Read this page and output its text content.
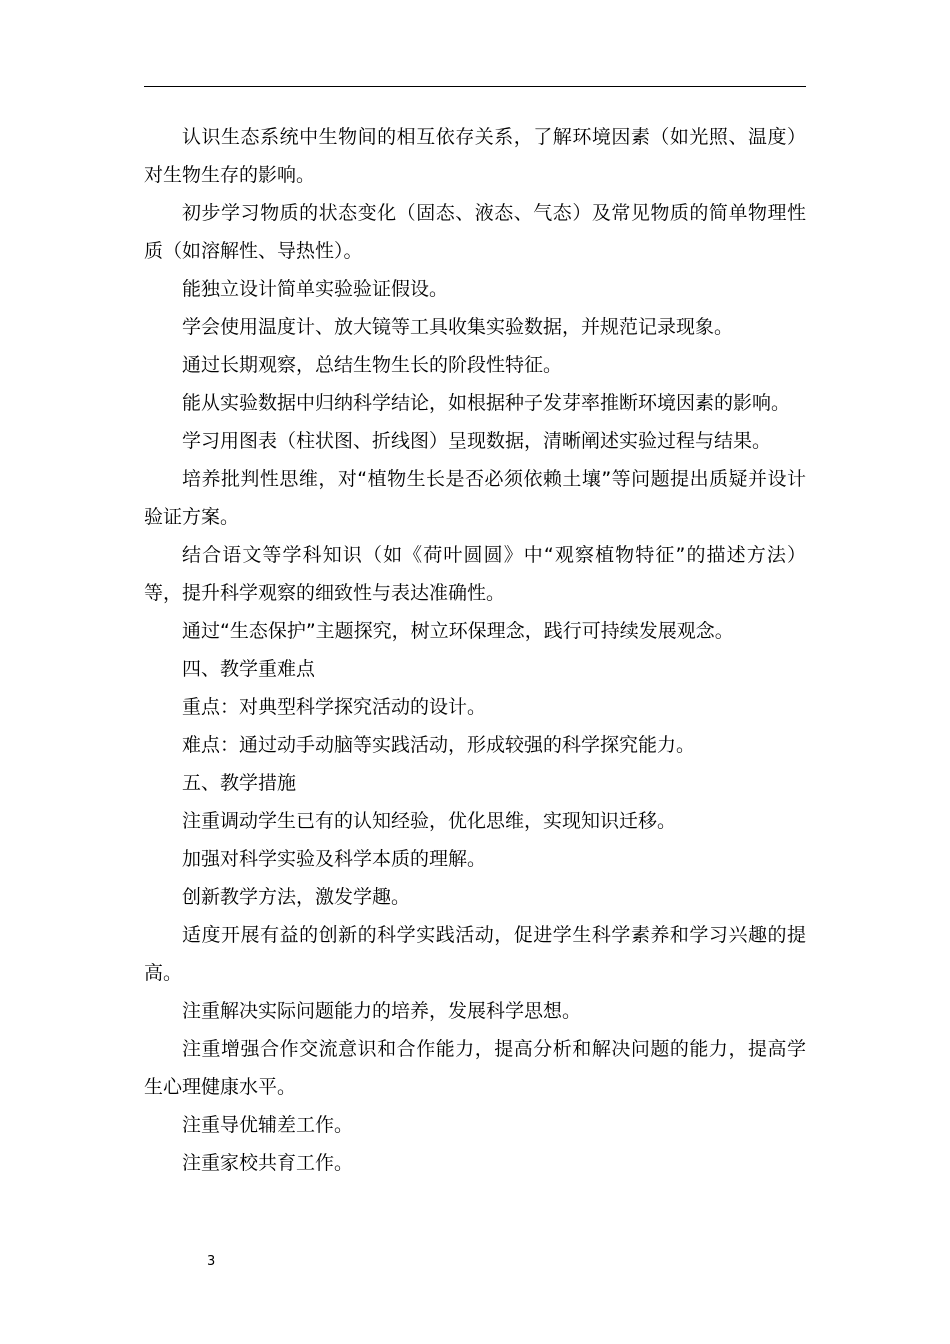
认识生态系统中生物间的相互依存关系，了解环境因素（如光照、温度）对生物生存的影响。

初步学习物质的状态变化（固态、液态、气态）及常见物质的简单物理性质（如溶解性、导热性）。

能独立设计简单实验验证假设。

学会使用温度计、放大镜等工具收集实验数据，并规范记录现象。

通过长期观察，总结生物生长的阶段性特征。

能从实验数据中归纳科学结论，如根据种子发芽率推断环境因素的影响。

学习用图表（柱状图、折线图）呈现数据，清晰阐述实验过程与结果。

培养批判性思维，对“植物生长是否必须依赖土壤”等问题提出质疑并设计验证方案。

结合语文等学科知识（如《荷叶圆圆》中“观察植物特征”的描述方法）等，提升科学观察的细致性与表达准确性。

通过“生态保护”主题探究，树立环保理念，践行可持续发展观念。

四、教学重难点

重点：对典型科学探究活动的设计。

难点：通过动手动脑等实践活动，形成较强的科学探究能力。

五、教学措施

注重调动学生已有的认知经验，优化思维，实现知识迁移。

加强对科学实验及科学本质的理解。

创新教学方法，激发学趣。

适度开展有益的创新的科学实践活动，促进学生科学素养和学习兴趣的提高。

注重解决实际问题能力的培养，发展科学思想。

注重增强合作交流意识和合作能力，提高分析和解决问题的能力，提高学生心理健康水平。

注重导优辅差工作。

注重家校共育工作。

3
